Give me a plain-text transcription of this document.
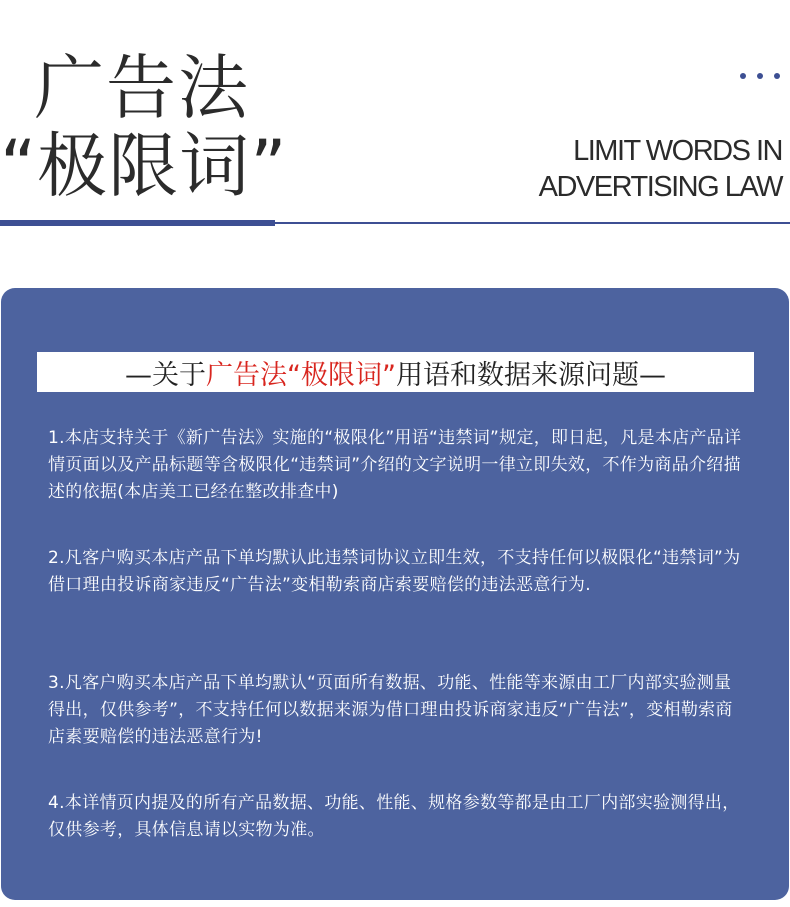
广告法
“极限词”	LIMIT WORDS IN
ADVERTISING LAW
—关于 广告法“极限词” 用语和数据来源问题—

1.本店支持关于《新广告法》实施的“极限化”用语“违禁词”规定，即日起，凡是本店产品详情页面以及产品标题等含极限化“违禁词”介绍的文字说明一律立即失效，不作为商品介绍描述的依据(本店美工已经在整改排查中)

2.凡客户购买本店产品下单均默认此违禁词协议立即生效，不支持任何以极限化“违禁词”为借口理由投诉商家违反“广告法”变相勒索商店索要赔偿的违法恶意行为.

3.凡客户购买本店产品下单均默认“页面所有数据、功能、性能等来源由工厂内部实验测量得出，仅供参考”，不支持任何以数据来源为借口理由投诉商家违反“广告法”，变相勒索商店素要赔偿的违法恶意行为!

4.本详情页内提及的所有产品数据、功能、性能、规格参数等都是由工厂内部实验测得出，仅供参考，具体信息请以实物为准。
